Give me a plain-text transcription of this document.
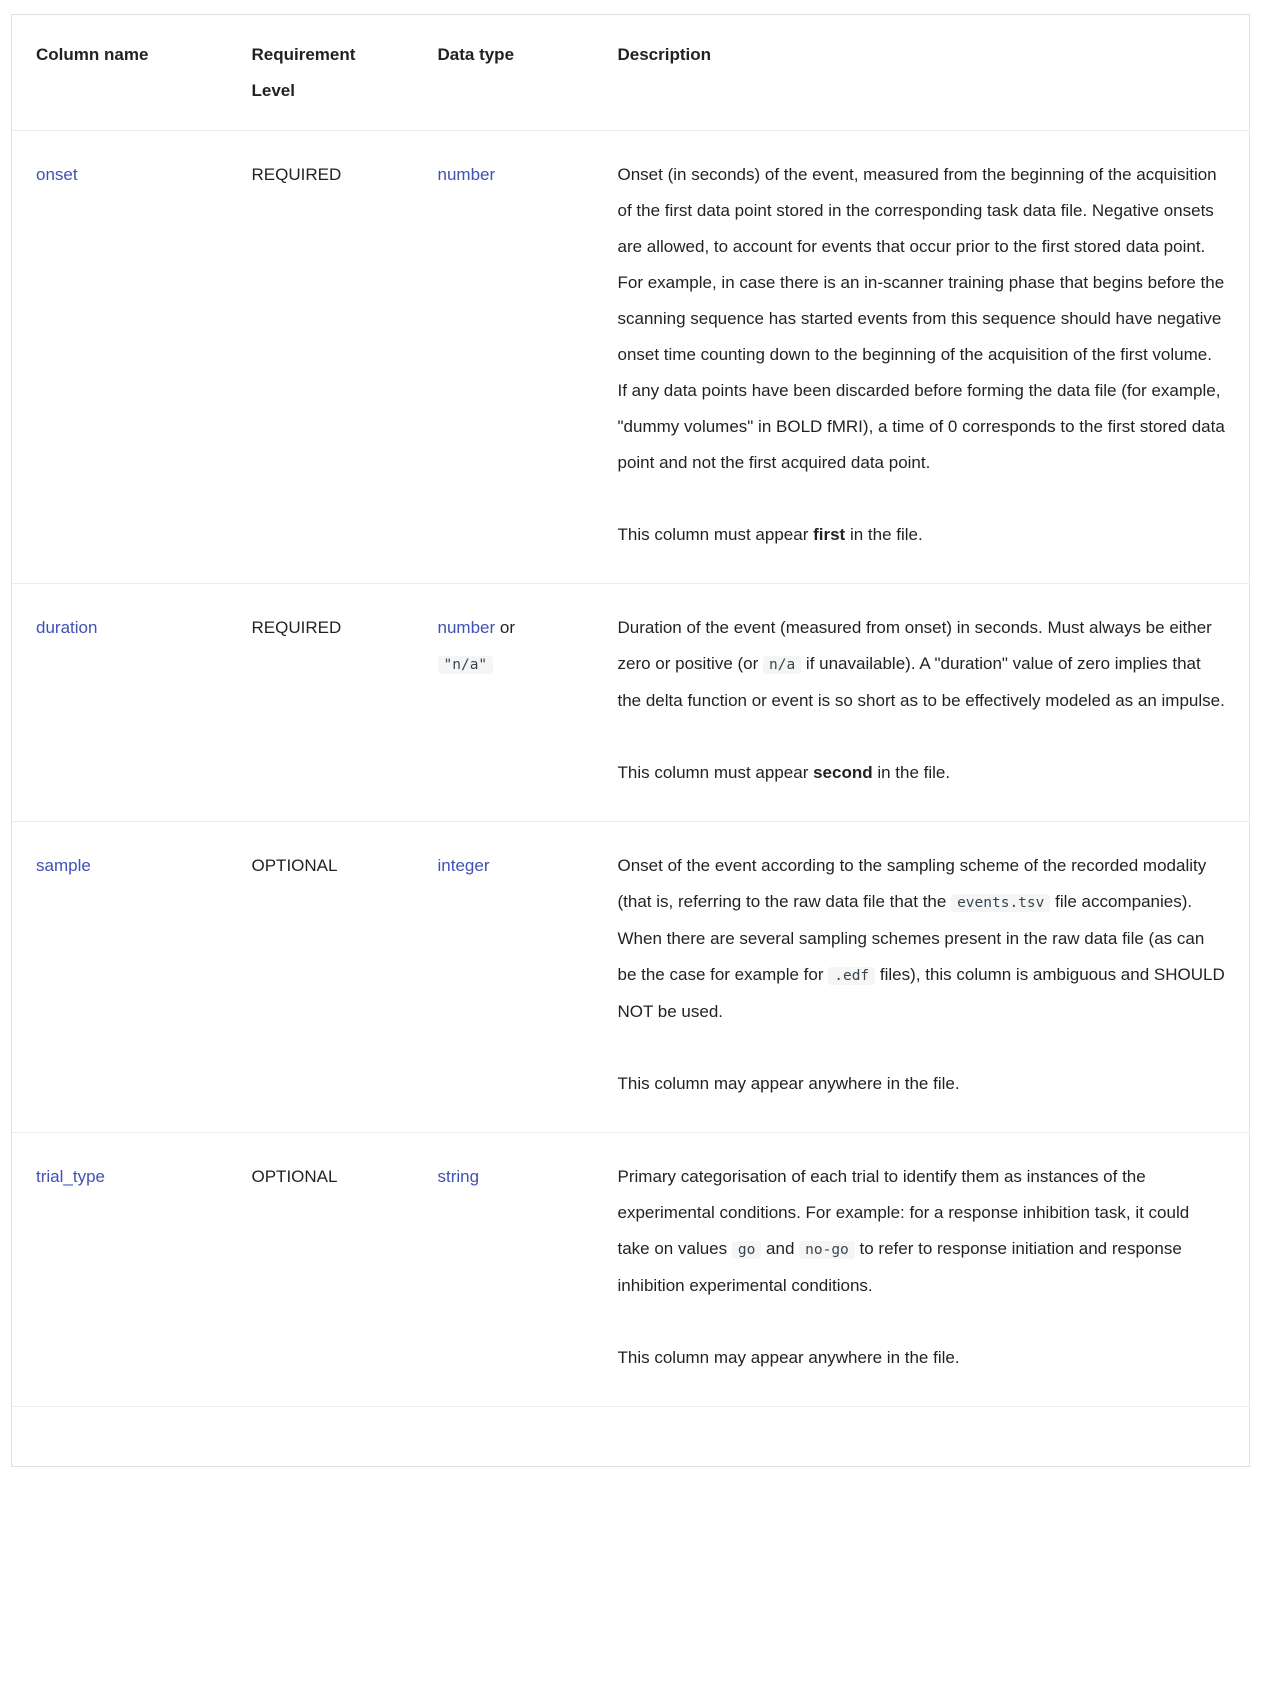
Column name	Requirement Level	Data type	Description
onset	REQUIRED	number	Onset (in seconds) of the event, measured from the beginning of the acquisition of the first data point stored in the corresponding task data file. Negative onsets are allowed, to account for events that occur prior to the first stored data point. For example, in case there is an in-scanner training phase that begins before the scanning sequence has started events from this sequence should have negative onset time counting down to the beginning of the acquisition of the first volume.
If any data points have been discarded before forming the data file (for example, "dummy volumes" in BOLD fMRI), a time of 0 corresponds to the first stored data point and not the first acquired data point.

This column must appear first in the file.

duration	REQUIRED	number or "n/a"	Duration of the event (measured from onset) in seconds. Must always be either zero or positive (or n/a if unavailable). A "duration" value of zero implies that the delta function or event is so short as to be effectively modeled as an impulse.

This column must appear second in the file.

sample	OPTIONAL	integer	Onset of the event according to the sampling scheme of the recorded modality (that is, referring to the raw data file that the events.tsv file accompanies). When there are several sampling schemes present in the raw data file (as can be the case for example for .edf files), this column is ambiguous and SHOULD NOT be used.

This column may appear anywhere in the file.

trial_type	OPTIONAL	string	Primary categorisation of each trial to identify them as instances of the experimental conditions. For example: for a response inhibition task, it could take on values go and no-go to refer to response initiation and response inhibition experimental conditions.

This column may appear anywhere in the file.
